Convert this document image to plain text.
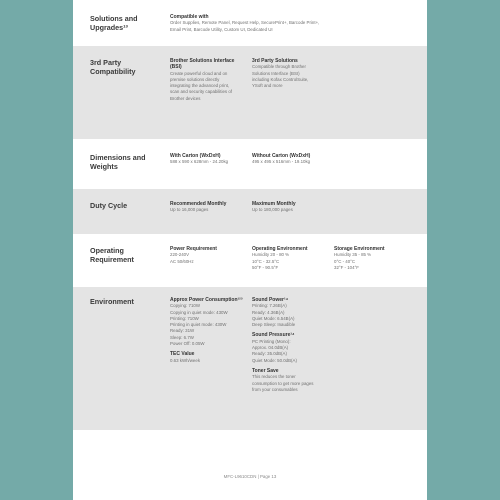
Solutions and Upgrades¹³
Compatible with
Order Supplies, Remote Panel, Request Help, SecurePrint+, Barcode Print+,
Email Print, Barcode Utility, Custom UI, Dedicated UI
3rd Party Compatibility
Brother Solutions Interface (BSI)
Create powerful cloud and on
premise solutions directly
integrating the advanced print,
scan and security capabilities of
Brother devices
3rd Party Solutions
Compatible through Brother
Solutions Interface (BSI)
including Kofax ControlSuite,
YSoft and more
Dimensions and Weights
With Carton (WxDxH)
588 x 590 x 628mm - 24.20kg
Without Carton (WxDxH)
495 x 495 x 516mm - 19.10kg
Duty Cycle	Recommended Monthly
Up to 16,000 pages
Maximum Monthly
Up to 180,000 pages
Operating Requirement
Power Requirement
220-240V
AC 50/60Hz
Operating Environment
Humidity 20 - 80 %
10°C - 32.5°C
50°F - 90.5°F
Storage Environment
Humidity 35 - 85 %
0°C - 40°C
32°F - 104°F
Environment	Approx Power Consumption¹²³
Copying: 710W
Copying in quiet mode: 430W
Printing: 710W
Printing in quiet mode: 430W
Ready: 31W
Sleep: 6.7W
Power Off: 0.05W
TEC Value
0.63 kWh/week
Sound Power¹⁴
Printing: 7.26B(A)
Ready: 4.36B(A)
Quiet Mode: 6.54B(A)
Deep Sleep: Inaudible
Sound Pressure¹⁴
PC Printing (Mono):
Approx. 04.0dB(A)
Ready: 35.0dB(A)
Quiet Mode: 50.0dB(A)
Toner Save
This reduces the toner
consumption to get more pages
from your consumables
MFC-L9610CDN | Page 13
